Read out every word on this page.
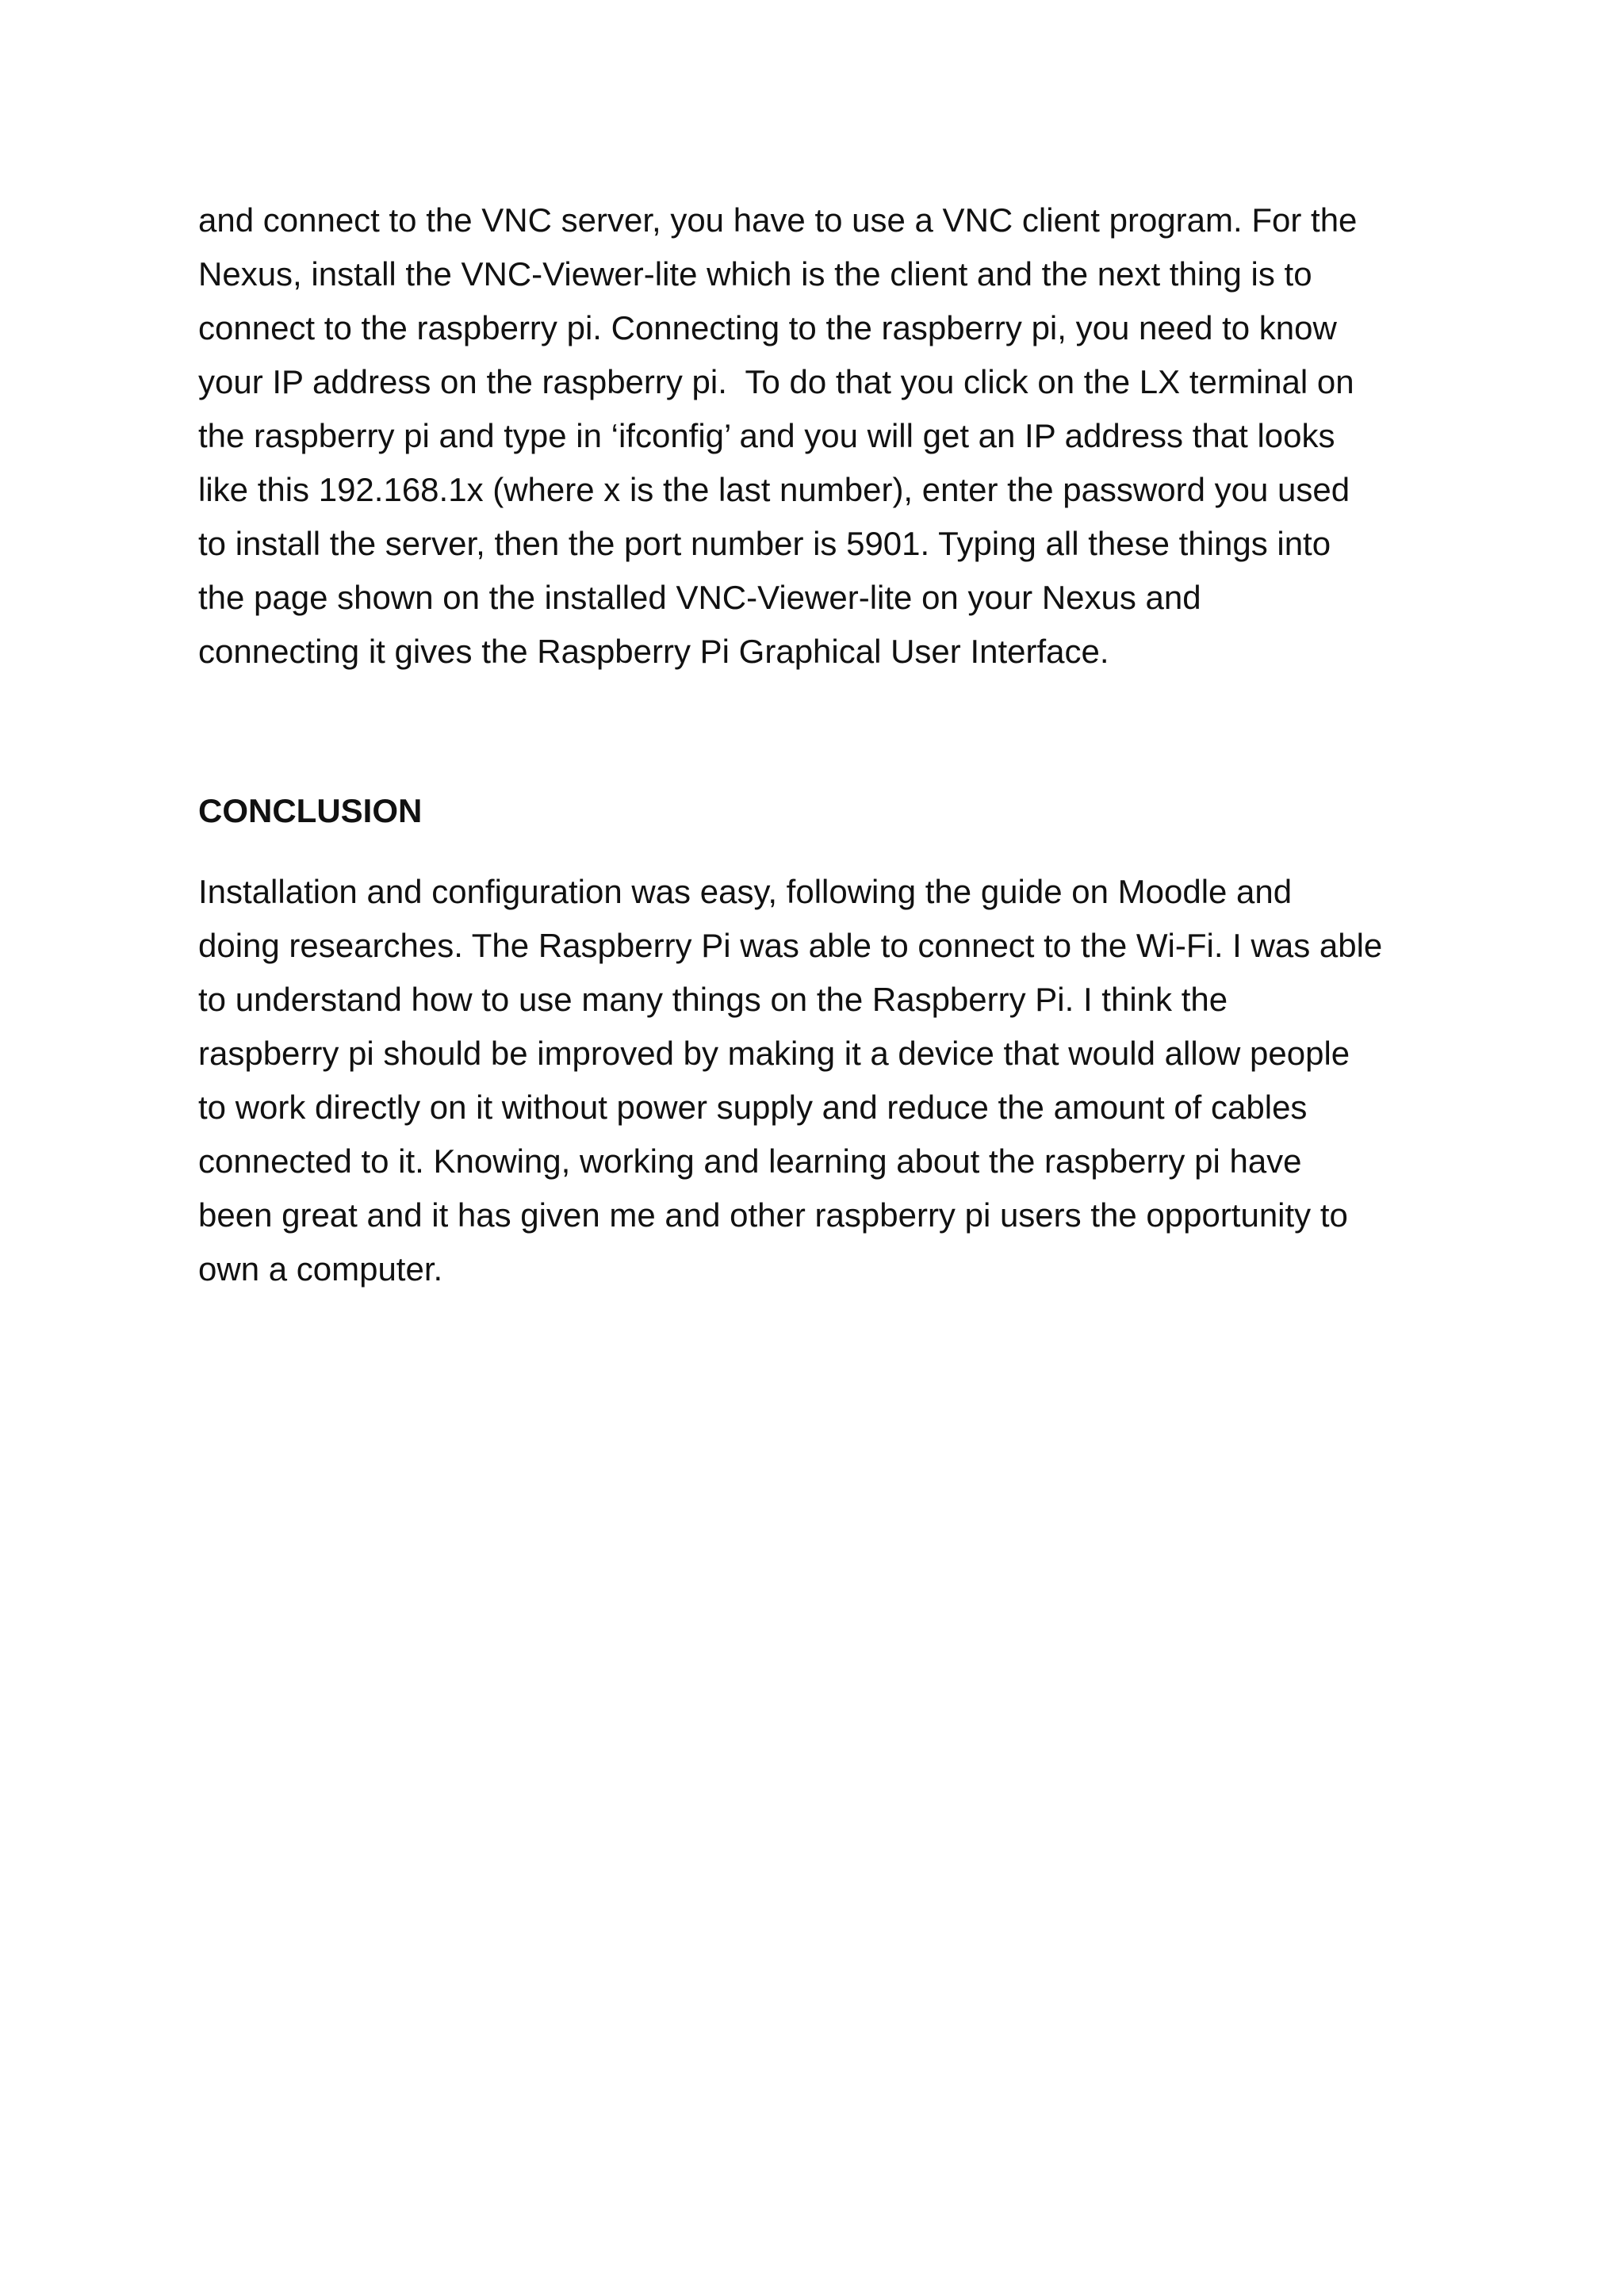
and connect to the VNC server, you have to use a VNC client program. For the
Nexus, install the VNC-Viewer-lite which is the client and the next thing is to
connect to the raspberry pi. Connecting to the raspberry pi, you need to know
your IP address on the raspberry pi.  To do that you click on the LX terminal on
the raspberry pi and type in ‘ifconfig’ and you will get an IP address that looks
like this 192.168.1x (where x is the last number), enter the password you used
to install the server, then the port number is 5901. Typing all these things into
the page shown on the installed VNC-Viewer-lite on your Nexus and
connecting it gives the Raspberry Pi Graphical User Interface.

CONCLUSION

Installation and configuration was easy, following the guide on Moodle and
doing researches. The Raspberry Pi was able to connect to the Wi-Fi. I was able
to understand how to use many things on the Raspberry Pi. I think the
raspberry pi should be improved by making it a device that would allow people
to work directly on it without power supply and reduce the amount of cables
connected to it. Knowing, working and learning about the raspberry pi have
been great and it has given me and other raspberry pi users the opportunity to
own a computer.
